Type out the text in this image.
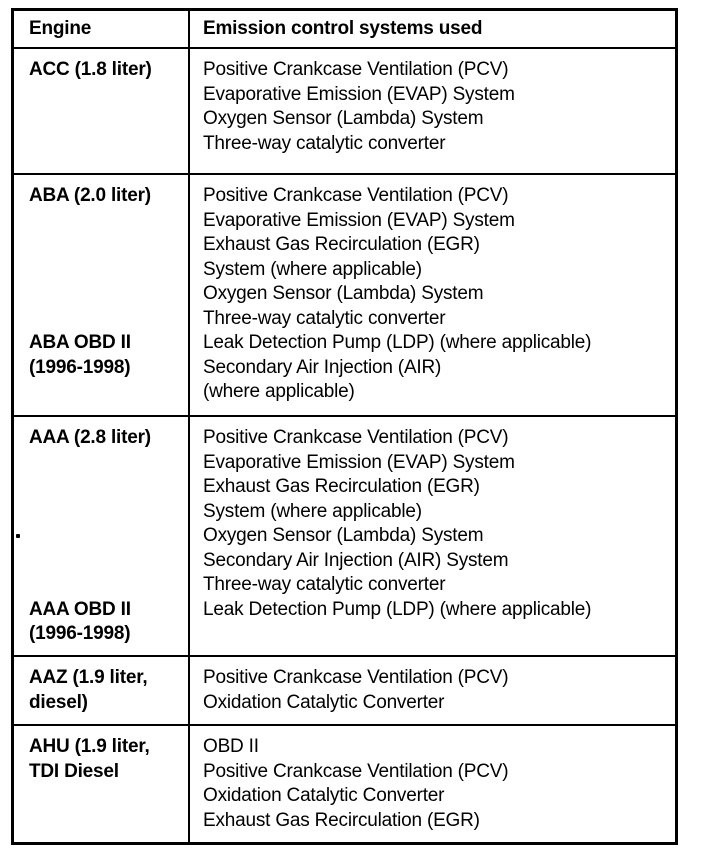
Engine	Emission control systems used
ACC (1.8 liter)	Positive Crankcase Ventilation (PCV)
Evaporative Emission (EVAP) System
Oxygen Sensor (Lambda) System
Three-way catalytic converter
ABA (2.0 liter)
ABA OBD II
(1996-1998)
Positive Crankcase Ventilation (PCV)
Evaporative Emission (EVAP) System
Exhaust Gas Recirculation (EGR)
System (where applicable)
Oxygen Sensor (Lambda) System
Three-way catalytic converter
Leak Detection Pump (LDP) (where applicable)
Secondary Air Injection (AIR)
(where applicable)
AAA (2.8 liter)
AAA OBD II
(1996-1998)
Positive Crankcase Ventilation (PCV)
Evaporative Emission (EVAP) System
Exhaust Gas Recirculation (EGR)
System (where applicable)
Oxygen Sensor (Lambda) System
Secondary Air Injection (AIR) System
Three-way catalytic converter
Leak Detection Pump (LDP) (where applicable)
AAZ (1.9 liter,
diesel)
Positive Crankcase Ventilation (PCV)
Oxidation Catalytic Converter
AHU (1.9 liter,
TDI Diesel
OBD II
Positive Crankcase Ventilation (PCV)
Oxidation Catalytic Converter
Exhaust Gas Recirculation (EGR)
